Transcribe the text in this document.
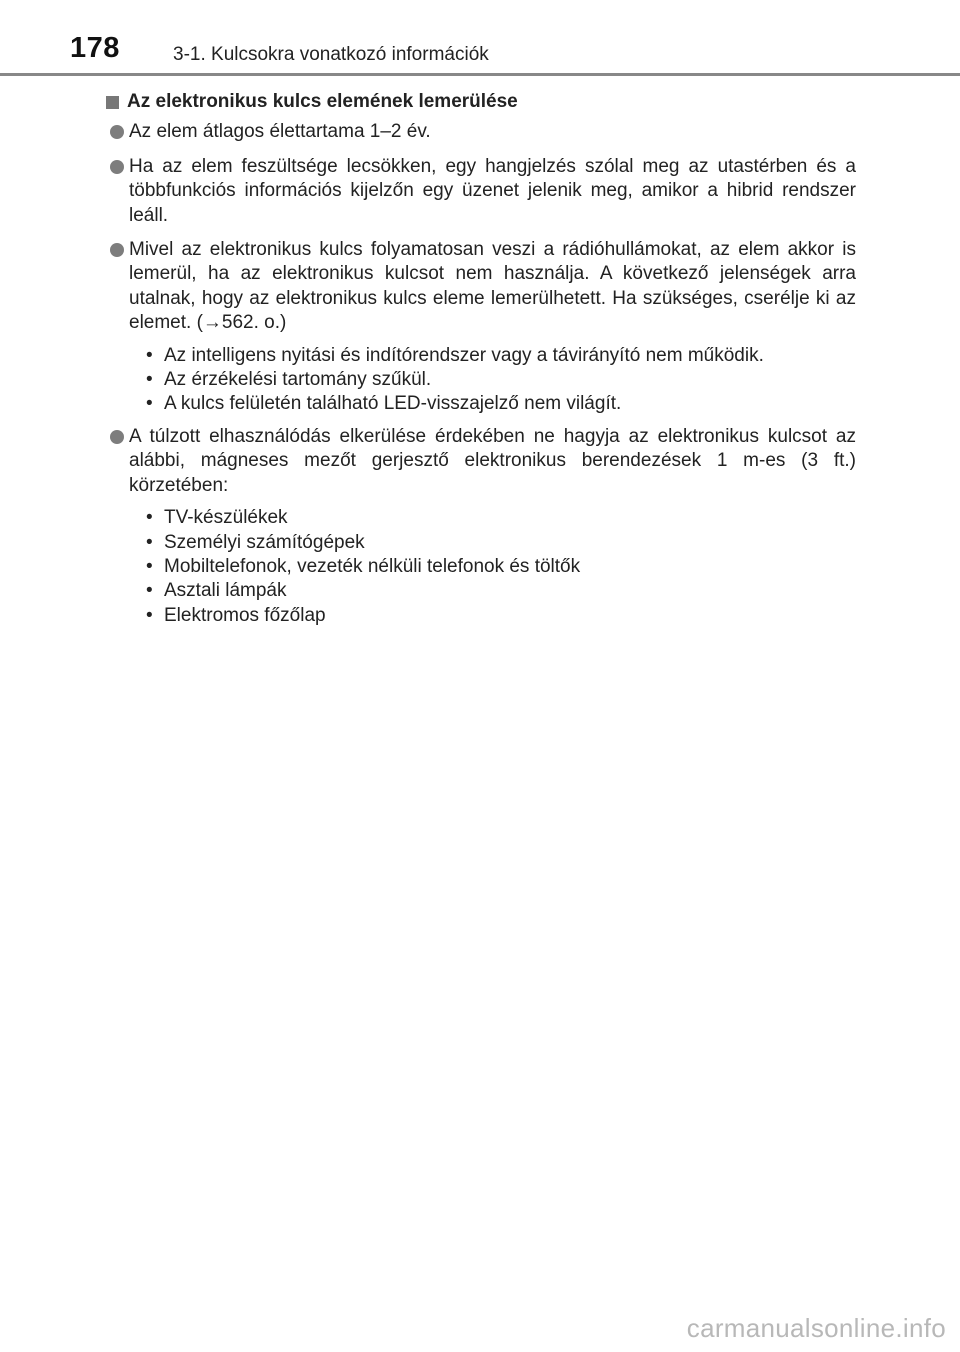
178	3-1. Kulcsokra vonatkozó információk
Az elektronikus kulcs elemének lemerülése
Az elem átlagos élettartama 1–2 év.
Ha az elem feszültsége lecsökken, egy hangjelzés szólal meg az utastérben és a többfunkciós információs kijelzőn egy üzenet jelenik meg, amikor a hibrid rendszer leáll.
Mivel az elektronikus kulcs folyamatosan veszi a rádióhullámokat, az elem akkor is lemerül, ha az elektronikus kulcsot nem használja. A következő jelenségek arra utalnak, hogy az elektronikus kulcs eleme lemerülhetett. Ha szükséges, cserélje ki az elemet. (→562. o.)
• Az intelligens nyitási és indítórendszer vagy a távirányító nem működik.
• Az érzékelési tartomány szűkül.
• A kulcs felületén található LED-visszajelző nem világít.
A túlzott elhasználódás elkerülése érdekében ne hagyja az elektronikus kulcsot az alábbi, mágneses mezőt gerjesztő elektronikus berendezések 1 m-es (3 ft.) körzetében:
• TV-készülékek
• Személyi számítógépek
• Mobiltelefonok, vezeték nélküli telefonok és töltők
• Asztali lámpák
• Elektromos főzőlap
carmanualsonline.info
